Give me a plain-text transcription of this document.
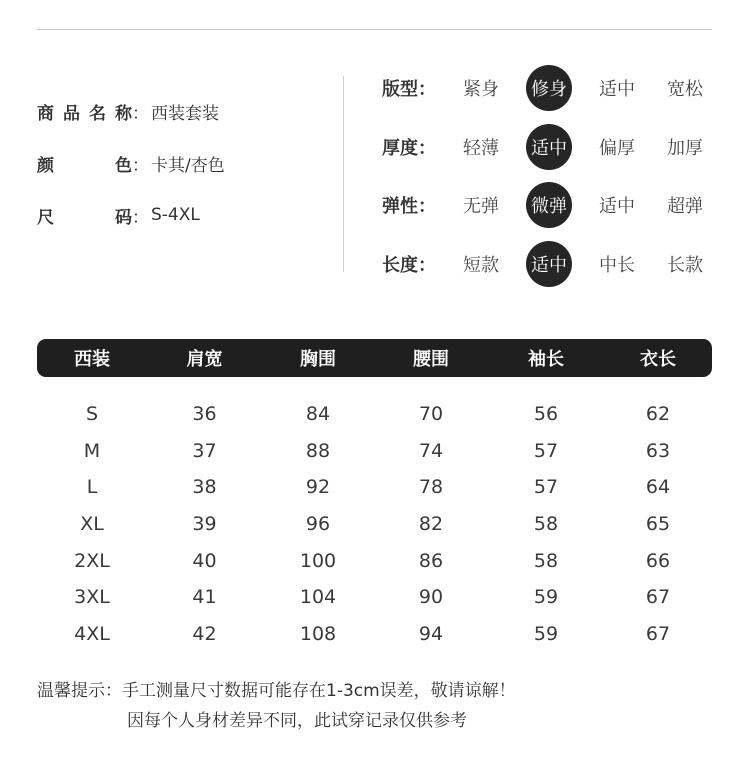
商 品 名 称 ： 西装套装
颜	色 ： 卡其/杏色
尺	码 ： S-4XL
版型：	紧身 修身 适中 宽松
厚度：	轻薄 适中 偏厚 加厚
弹性：	无弹 微弹 适中 超弹
长度：	短款 适中 中长 长款
西装	肩宽	胸围	腰围	袖长	衣长
S	36	84	70	56	62
M	37	88	74	57	63
L	38	92	78	57	64
XL	39	96	82	58	65
2XL	40	100	86	58	66
3XL	41	104	90	59	67
4XL	42	108	94	59	67
温馨提示：手工测量尺寸数据可能存在1-3cm误差，敬请谅解！
因每个人身材差异不同，此试穿记录仅供参考
